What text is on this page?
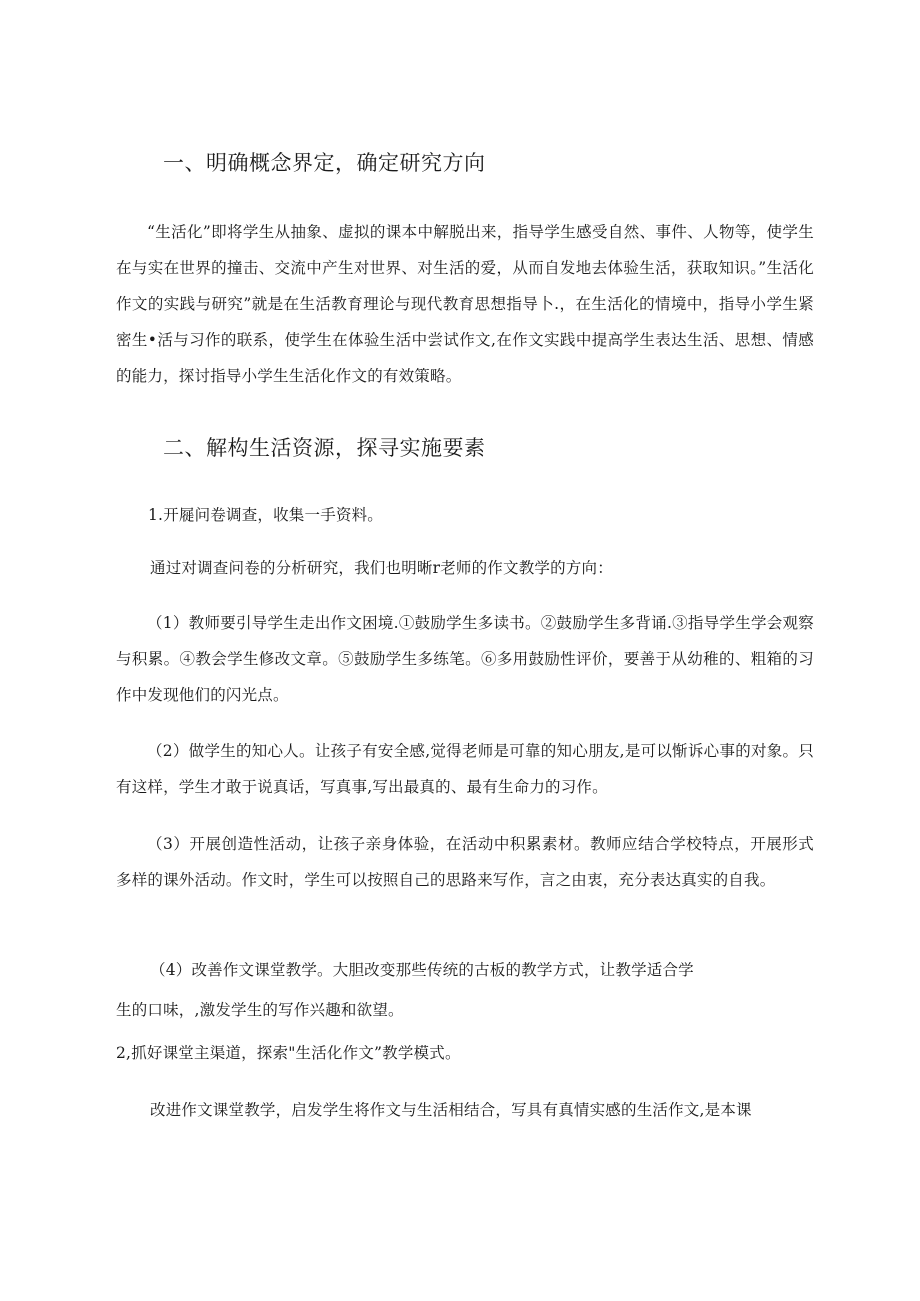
一、明确概念界定，确定研究方向
“生活化”即将学生从抽象、虚拟的课本中解脱出来，指导学生感受自然、事件、人物等，使学生在与实在世界的撞击、交流中产生对世界、对生活的爱，从而自发地去体验生活，获取知识。”生活化作文的实践与研究”就是在生活教育理论与现代教育思想指导卜.，在生活化的情境中，指导小学生紧密生•活与习作的联系，使学生在体验生活中尝试作文,在作文实践中提高学生表达生活、思想、情感的能力，探讨指导小学生生活化作文的有效策略。
二、解构生活资源，探寻实施要素
1.开屣问卷调查，收集一手资料。
通过对调查问卷的分析研究，我们也明晰r老师的作文教学的方向：
（1）教师要引导学生走出作文困境.①鼓励学生多读书。②鼓励学生多背诵.③指导学生学会观察与积累。④教会学生修改文章。⑤鼓励学生多练笔。⑥多用鼓励性评价，要善于从幼稚的、粗箱的习作中发现他们的闪光点。
（2）做学生的知心人。让孩子有安全感,觉得老师是可靠的知心朋友,是可以惭诉心事的对象。只有这样，学生才敢于说真话，写真事,写出最真的、最有生命力的习作。
（3）开展创造性活动，让孩子亲身体验，在活动中积累素材。教师应结合学校特点，开展形式多样的课外活动。作文时，学生可以按照自己的思路来写作，言之由衷，充分表达真实的自我。
（4）改善作文课堂教学。大胆改变那些传统的古板的教学方式，让教学适合学
生的口味，,激发学生的写作兴趣和欲望。
2,抓好课堂主渠道，探索"生活化作文”教学模式。
改进作文课堂教学，启发学生将作文与生活相结合，写具有真情实感的生活作文,是本课
